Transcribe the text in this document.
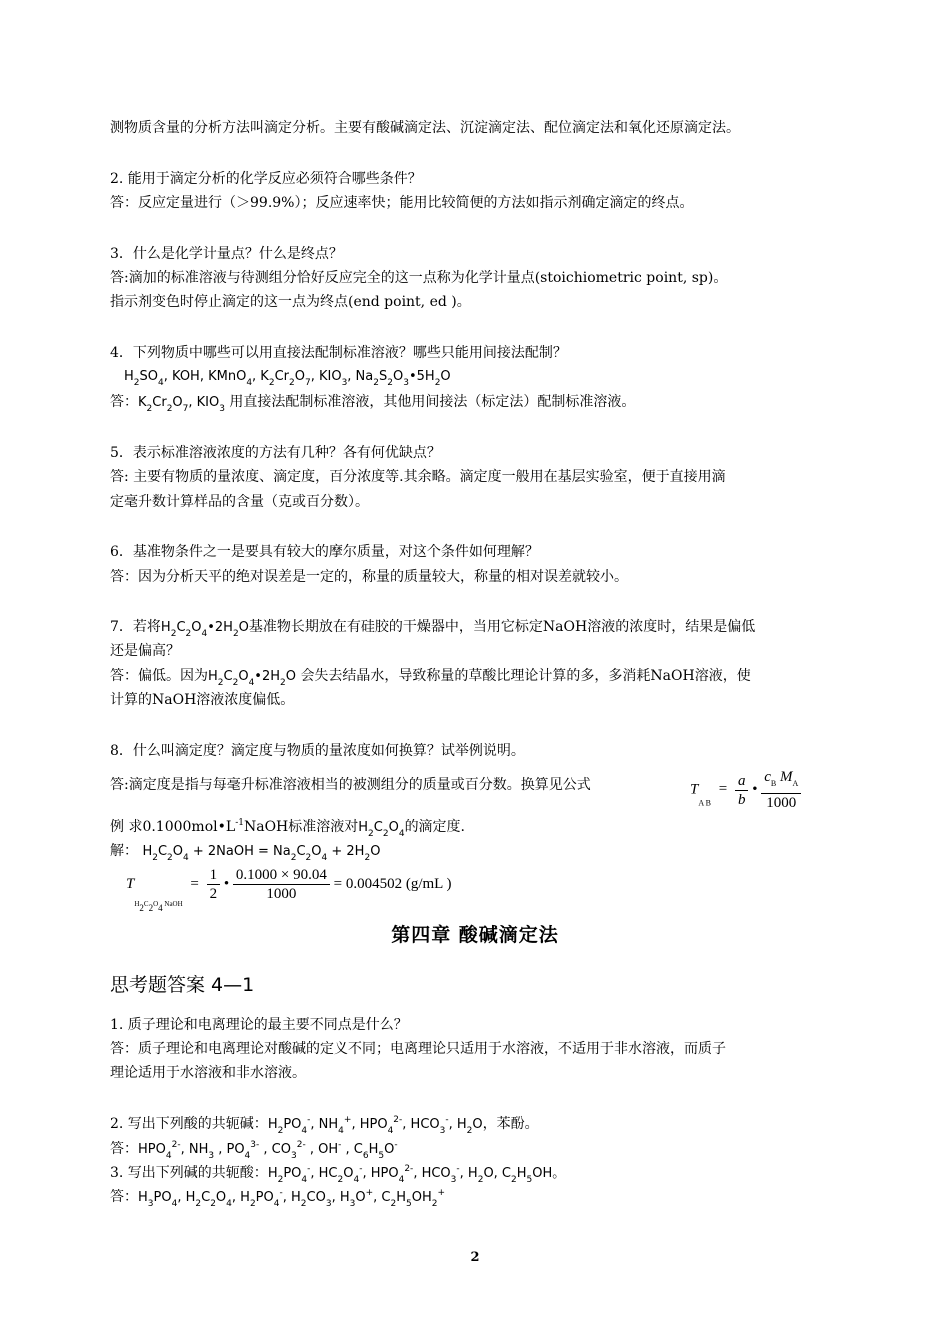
测物质含量的分析方法叫滴定分析。主要有酸碱滴定法、沉淀滴定法、配位滴定法和氧化还原滴定法。
2. 能用于滴定分析的化学反应必须符合哪些条件？
答：反应定量进行（＞99.9%）；反应速率快；能用比较简便的方法如指示剂确定滴定的终点。
3．什么是化学计量点？什么是终点？
答:滴加的标准溶液与待测组分恰好反应完全的这一点称为化学计量点(stoichiometric point, sp)。
指示剂变色时停止滴定的这一点为终点(end point, ed )。
4．下列物质中哪些可以用直接法配制标准溶液？哪些只能用间接法配制？
$H_2SO_4$, KOH, KMnO$_4$, $K_2Cr_2O_7$, $KIO_3$, $Na_2S_2O_3•5H_2O$
答：$K_2Cr_2O_7$, $KIO_3$ 用直接法配制标准溶液，其他用间接法（标定法）配制标准溶液。
5．表示标准溶液浓度的方法有几种？各有何优缺点？
答: 主要有物质的量浓度、滴定度，百分浓度等.其余略。滴定度一般用在基层实验室，便于直接用滴
定毫升数计算样品的含量（克或百分数）。
6．基准物条件之一是要具有较大的摩尔质量，对这个条件如何理解？
答：因为分析天平的绝对误差是一定的，称量的质量较大，称量的相对误差就较小。
7．若将$H_2C_2O_4•2H_2O$基准物长期放在有硅胶的干燥器中，当用它标定NaOH溶液的浓度时，结果是偏低
还是偏高？
答：偏低。因为$H_2C_2O_4•2H_2O$ 会失去结晶水，导致称量的草酸比理论计算的多，多消耗NaOH溶液，使
计算的NaOH溶液浓度偏低。
8．什么叫滴定度？滴定度与物质的量浓度如何换算？试举例说明。
答:滴定度是指与每毫升标准溶液相当的被测组分的质量或百分数。换算见公式	$T_{A B} = \frac{a}{b}$ • $\frac{c_B M_A}{1000}$
例 求$0.1000mol•L^{-1}NaOH$标准溶液对$H_2C_2O_4$的滴定度.
解： $H_2C_2O_4$ + 2NaOH = $Na_2C_2O_4 + 2H_2O$
$T_{H_2C_2O_4 NaOH} = \frac{1}{2}$ • $\frac{0.1000 \times 90.04}{1000} = 0.004502$ (g/mL )
第四章 酸碱滴定法
思考题答案 4—1
1. 质子理论和电离理论的最主要不同点是什么？
答：质子理论和电离理论对酸碱的定义不同；电离理论只适用于水溶液，不适用于非水溶液，而质子
理论适用于水溶液和非水溶液。
2. 写出下列酸的共轭碱：$H_2PO_4^-$, $NH_4^+$, $HPO_4^{2-}$, $HCO_3^-$, $H_2O$，苯酚。
答：$HPO_4^{2-}$, $NH_3$ , $PO_4^{3-}$ , $CO_3^{2-}$ , OH- , $C_6H_5O^-$
3. 写出下列碱的共轭酸：$H_2PO_4^-$, $HC_2O_4^-$, $HPO_4^{2-}$, $HCO_3^-$, $H_2O$, $C_2H_5OH$。
答：$H_3PO_4$, $H_2C_2O_4$, $H_2PO_4^-$, $H_2CO_3$, $H_3O^+$, $C_2H_5OH_2^+$
2
